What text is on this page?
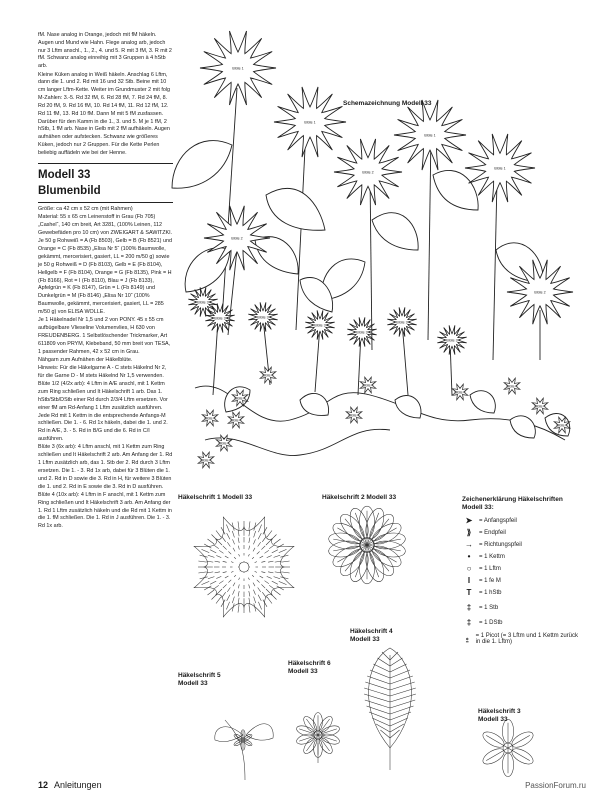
fM. Nase analog in Orange, jedoch mit fM häkeln. Augen und Mund wie Hahn. Flege analog arb, jedoch nur 3 Lftm anschl., 1., 2., 4. und 5. R mit 3 fM, 3. R mit 2 fM. Schwanz analog einreihig mit 3 Gruppen à 4 hStb arb.

Kleine Küken analog in Weiß häkeln. Anschlag 6 Lftm, dann die 1. und 2. Rd mit 16 und 32 Stb. Beine mit 10 cm langer Lftm-Kette. Weiter im Grundmuster 2 mit folg M-Zahlen: 3.-5. Rd 32 fM, 6. Rd 28 fM, 7. Rd 24 fM, 8. Rd 20 fM, 9. Rd 16 fM, 10. Rd 14 fM, 11. Rd 12 fM, 12. Rd 11 fM, 13. Rd 10 fM. Dann M mit 5 fM zusfassen. Darüber für den Kamm in die 1., 3. und 5. M je 1 fM, 2 hStb, 1 fM arb. Nase in Gelb mit 2 fM aufhäkeln. Augen aufnähen oder aufstecken. Schwanz wie größeres Küken, jedoch nur 2 Gruppen. Für die Kette Perlen beliebig auffädeln wie bei der Henne.

Modell 33
Blumenbild

Größe: ca 42 cm x 52 cm (mit Rahmen)

Material: 55 x 65 cm Leinenstoff in Grau (Fb 705) „Cashel“, 140 cm breit, Art 3281, (100% Leinen, 112 Gewebefäden pro 10 cm) von ZWEIGART & SAWITZKI.

Je 50 g Rohweiß = A (Fb 8503), Gelb = B (Fb 8521) und Orange = C (Fb 8535) „Elisa Nr 5“ (100% Baumwolle, gekämmt, mercerisiert, gasiert, LL = 200 m/50 g) sowie je 50 g Rohweiß = D (Fb 8103), Gelb = E (Fb 8104), Hellgelb = F (Fb 8104), Orange = G (Fb 8135), Pink = H (Fb 8166), Rot = I (Fb 8110), Blau = J (Fb 8133), Apfelgrün = K (Fb 8147), Grün = L (Fb 8149) und Dunkelgrün = M (Fb 8146) „Elisa Nr 10“ (100% Baumwolle, gekämmt, mercerisiert, gasiert, LL = 285 m/50 g) von ELISA WOLLE.

Je 1 Häkelnadel Nr 1,5 und 2 von PONY. 45 x 55 cm aufbügelbare Vlieseline Volumenvlies, H 630 von FREUDENBERG. 1 Selbstlöschender Trickmarker, Art 611809 von PRYM, Klebeband, 50 mm breit von TESA, 1 passender Rahmen, 42 x 52 cm in Grau.

Nähgarn zum Aufnähen der Häkelblüte.

Hinweis: Für die Häkelgarne A - C stets Häkelnd Nr 2, für die Garne D - M stets Häkelnd Nr 1,5 verwenden.

Blüte 1/2 (4/2x arb): 4 Lftm in A/E anschl, mit 1 Kettm zum Ring schließen und It Häkelschrift 1 arb. Das 1. hStb/Stb/DStb einer Rd durch 2/3/4 Lftm ersetzen. Vor einer fM am Rd-Anfang 1 Lftm zusätzlich ausführen. Jede Rd mit 1 Kettm in die entsprechende Anfangs-M schließen. Die 1. - 6. Rd 1x häkeln, dabei die 1. und 2. Rd in A/E, 3. - 5. Rd in B/G und die 6. Rd in C/I ausführen.

Blüte 3 (6x arb): 4 Lftm anschl, mit 1 Kettm zum Ring schließen und It Häkelschrift 2 arb. Am Anfang der 1. Rd 1 Lftm zusätzlich arb, das 1. Stb der 2. Rd durch 3 Lftm ersetzen. Die 1. - 3. Rd 1x arb, dabei für 3 Blüten die 1. und 2. Rd in D sowie die 3. Rd in H, für weitere 3 Blüten die 1. und 2. Rd in E sowie die 3. Rd in D ausführen.

Blüte 4 (10x arb): 4 Lftm in F anschl, mit 1 Kettm zum Ring schließen und It Häkelschrift 3 arb. Am Anfang der 1. Rd 1 Lftm zusätzlich häkeln und die Rd mit 1 Kettm in die 1. fM schließen. Die 1. Rd in J ausführen. Die 1. - 3. Rd 1x arb.

Blüte 1
Blüte 1
Blüte 1
Blüte 1
Blüte 2
Blüte 2
Blüte 2
Blüte 3
Blüte 3	Blüte 3
Blüte 3
Blüte 3
Blüte 3
Blüte 3
Blüte 4
Blüte 4
Blüte 4
Blüte 4
Blüte 4
Blüte 4
Blüte 4
Blüte 4
Blüte 4
Blüte 4
Blüte 4
Blüte 4
Schemazeichnung Modell 33
Häkelschrift 1 Modell 33	Häkelschrift 2 Modell 33
Häkelschrift 4 Modell 33
Häkelschrift 6 Modell 33
Häkelschrift 5 Modell 33
Häkelschrift 3 Modell 33
Zeichenerklärung Häkelschriften Modell 33:
➤	= Anfangspfeil
⟫	= Endpfeil
→	= Richtungspfeil
•	= 1 Kettm
○	= 1 Lftm
I	= 1 fe M
T	= 1 hStb
‡	= 1 Stb
‡	= 1 DStb
⍛ = 1 Picot (= 3 Lftm und 1 Kettm zurück in die 1. Lftm)
12 Anleitungen	PassionForum.ru
